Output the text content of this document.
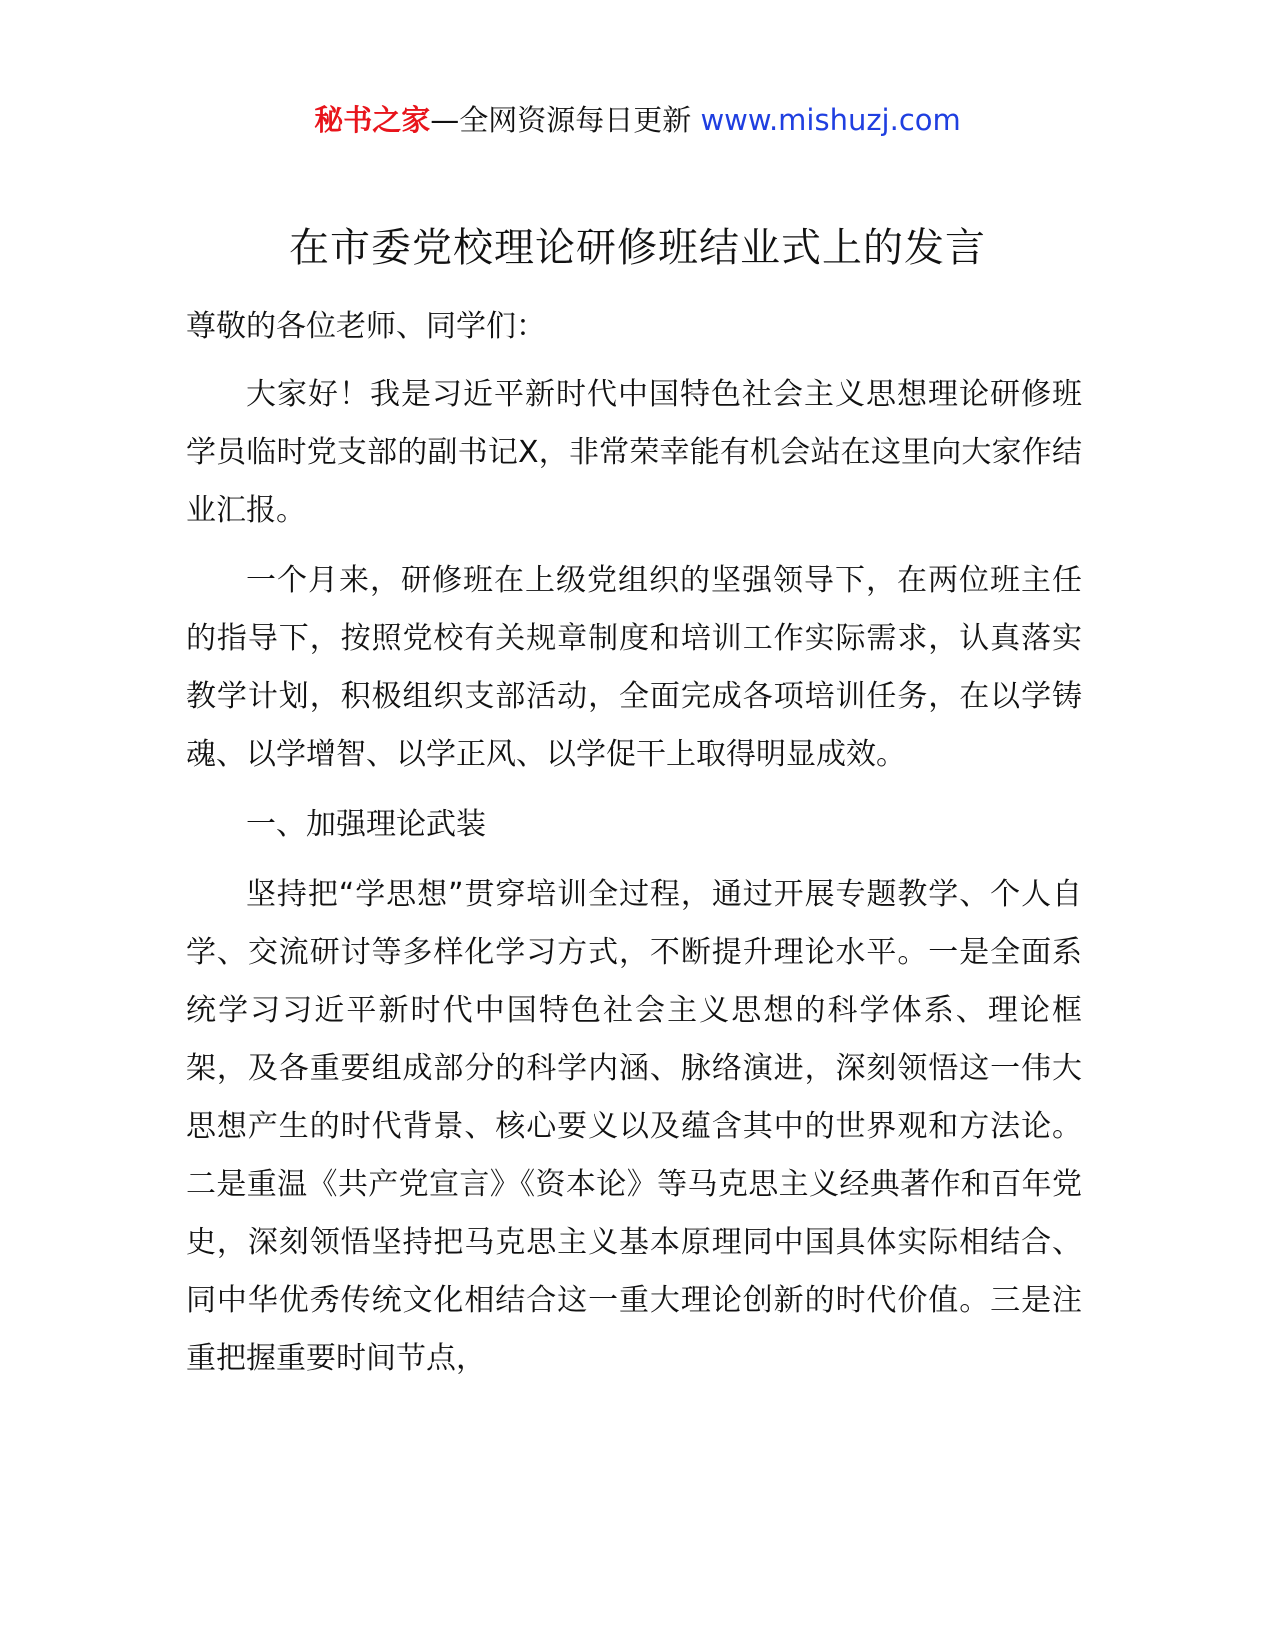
秘书之家—全网资源每日更新 www.mishuzj.com
在市委党校理论研修班结业式上的发言

尊敬的各位老师、同学们：

大家好！我是习近平新时代中国特色社会主义思想理论研修班学员临时党支部的副书记X，非常荣幸能有机会站在这里向大家作结业汇报。

一个月来，研修班在上级党组织的坚强领导下，在两位班主任的指导下，按照党校有关规章制度和培训工作实际需求，认真落实教学计划，积极组织支部活动，全面完成各项培训任务，在以学铸魂、以学增智、以学正风、以学促干上取得明显成效。

一、加强理论武装

坚持把“学思想”贯穿培训全过程，通过开展专题教学、个人自学、交流研讨等多样化学习方式，不断提升理论水平。一是全面系统学习习近平新时代中国特色社会主义思想的科学体系、理论框架，及各重要组成部分的科学内涵、脉络演进，深刻领悟这一伟大思想产生的时代背景、核心要义以及蕴含其中的世界观和方法论。二是重温《共产党宣言》《资本论》等马克思主义经典著作和百年党史，深刻领悟坚持把马克思主义基本原理同中国具体实际相结合、同中华优秀传统文化相结合这一重大理论创新的时代价值。三是注重把握重要时间节点，
